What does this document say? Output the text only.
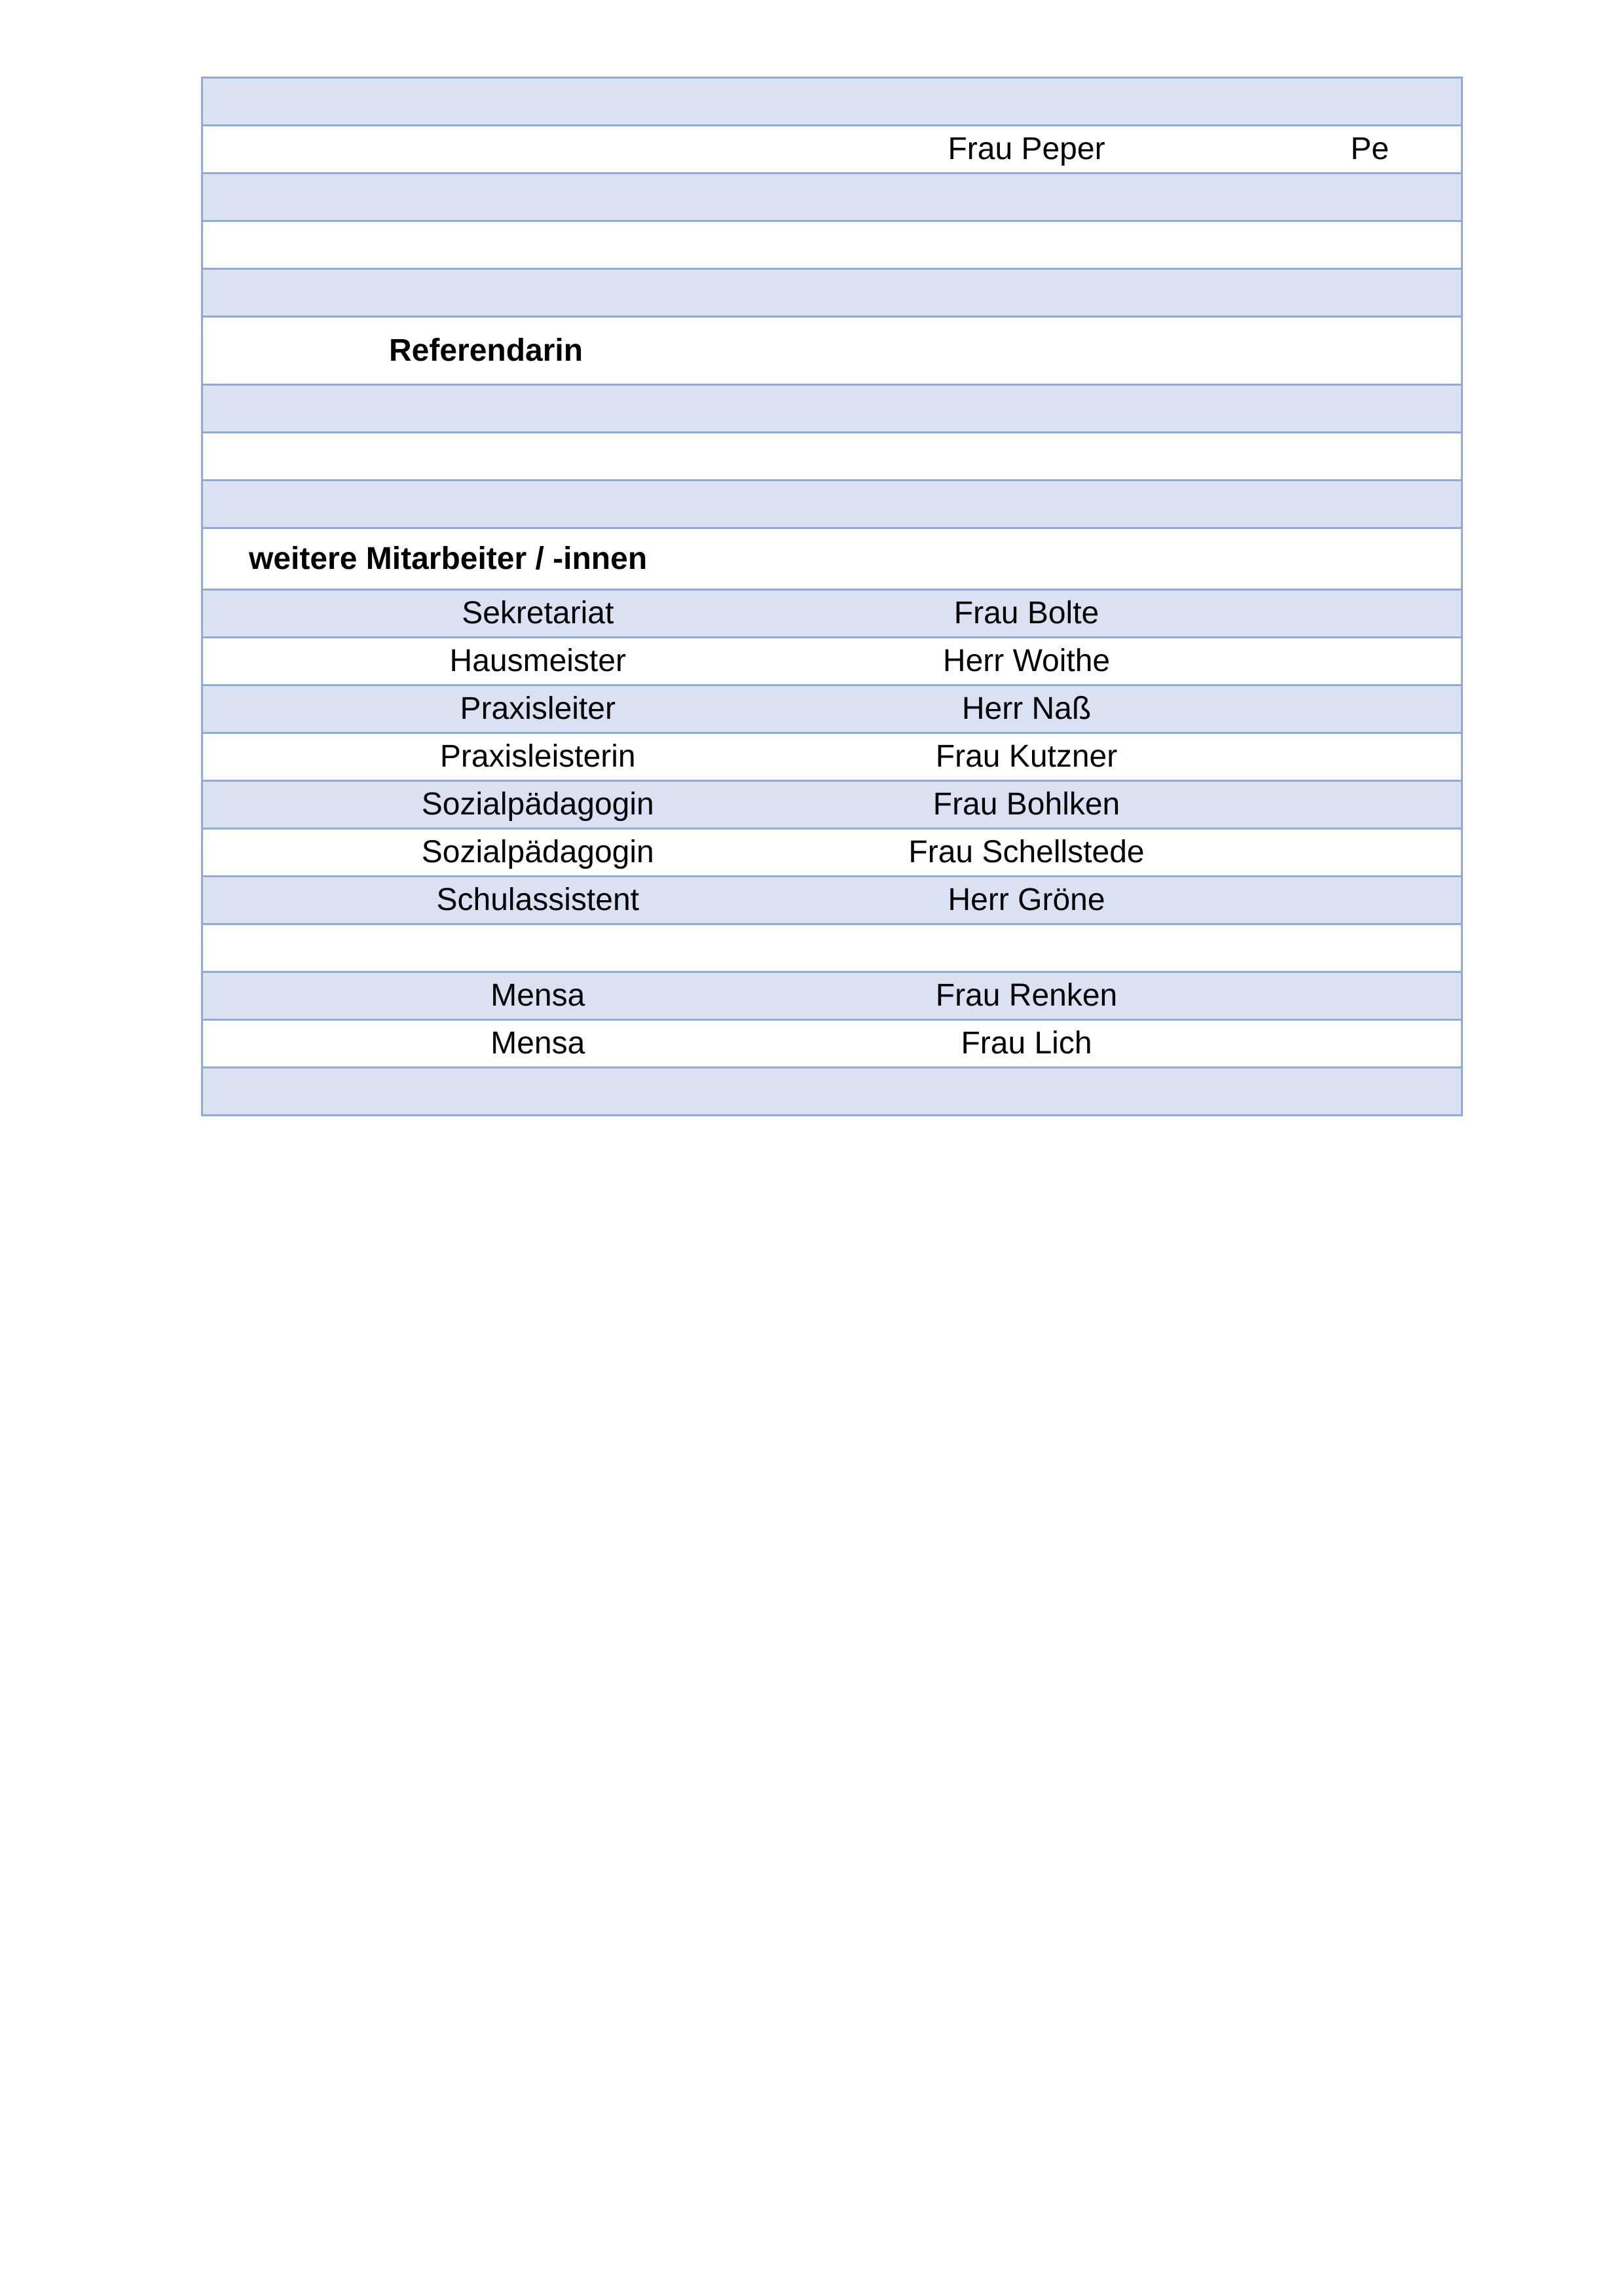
	Frau Peper	Pe

Referendarin		

weitere Mitarbeiter / -innen		
Sekretariat	Frau Bolte	
Hausmeister	Herr Woithe	
Praxisleiter	Herr Naß	
Praxisleisterin	Frau Kutzner	
Sozialpädagogin	Frau Bohlken	
Sozialpädagogin	Frau Schellstede	
Schulassistent	Herr Gröne	

Mensa	Frau Renken	
Mensa	Frau Lich	
